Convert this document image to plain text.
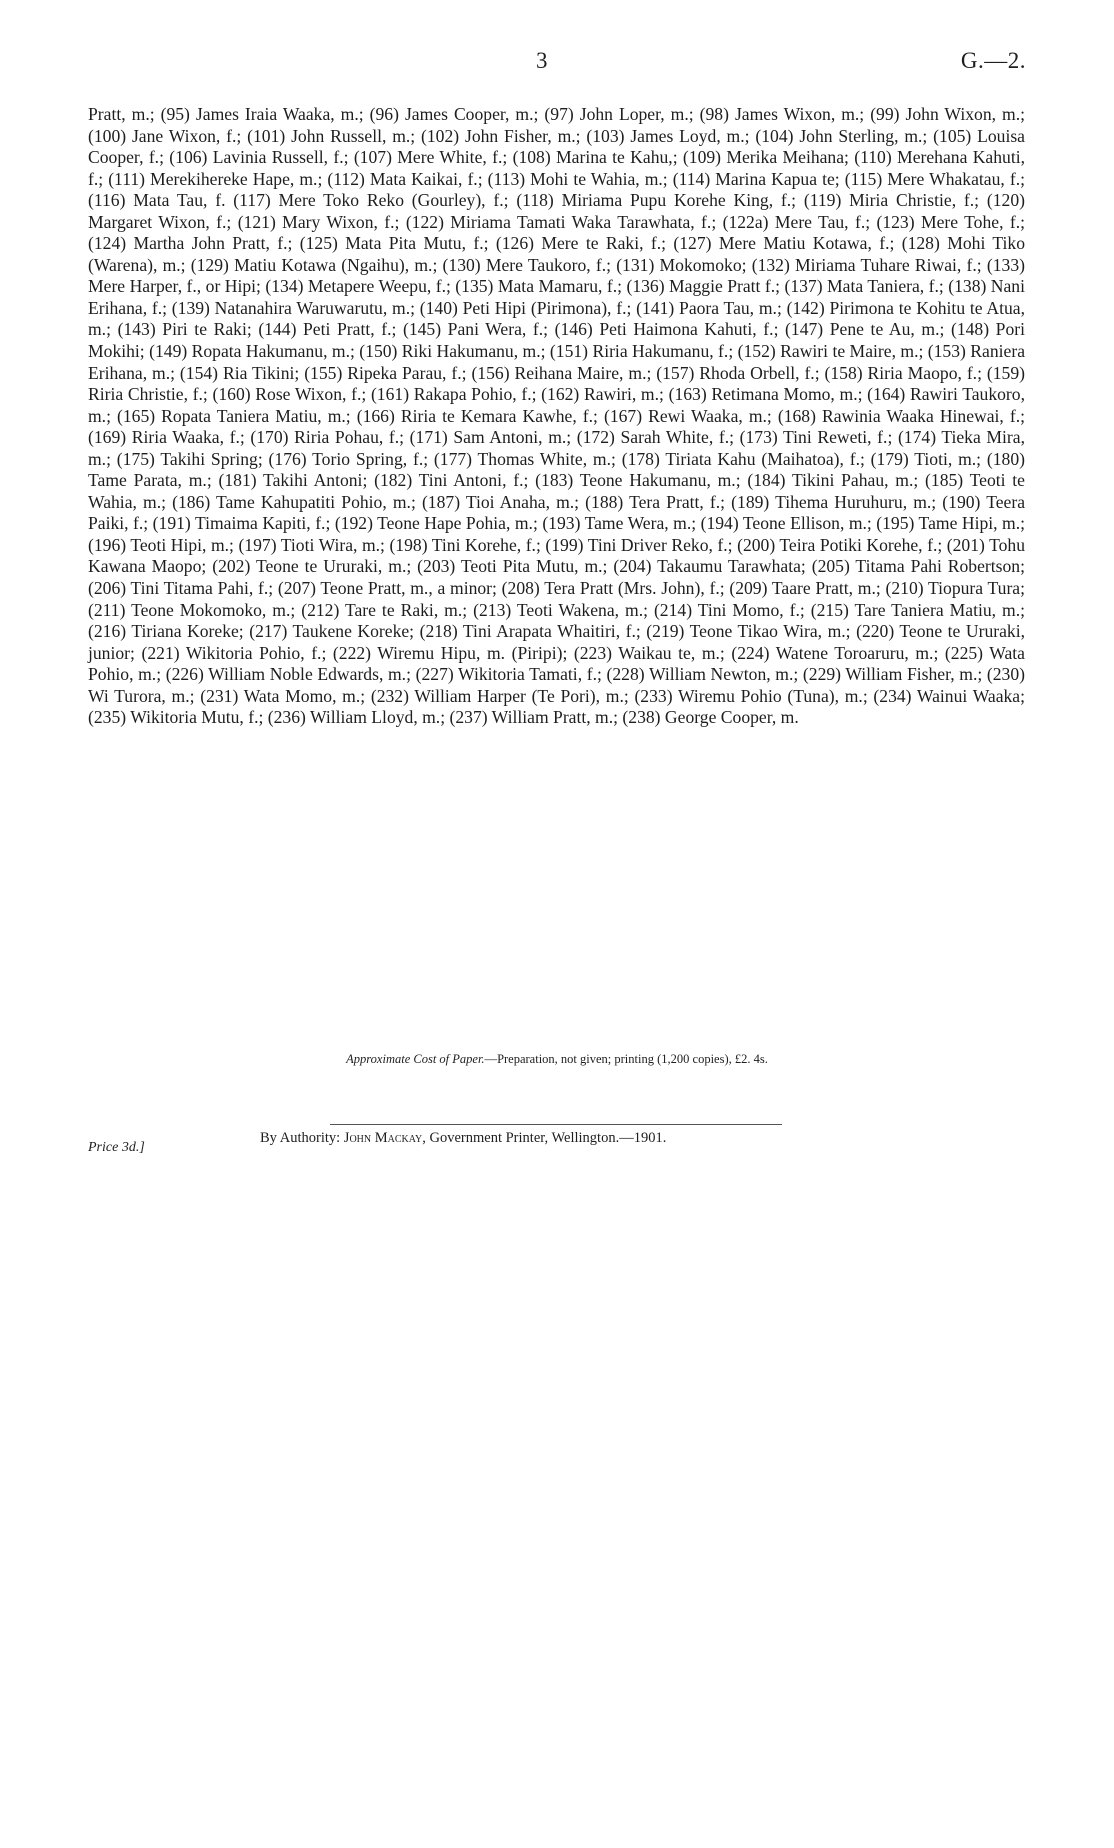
3	G.—2.

Pratt, m.; (95) James Iraia Waaka, m.; (96) James Cooper, m.; (97) John Loper, m.; (98) James Wixon, m.; (99) John Wixon, m.; (100) Jane Wixon, f.; (101) John Russell, m.; (102) John Fisher, m.; (103) James Loyd, m.; (104) John Sterling, m.; (105) Louisa Cooper, f.; (106) Lavinia Russell, f.; (107) Mere White, f.; (108) Marina te Kahu,; (109) Merika Meihana; (110) Merehana Kahuti, f.; (111) Merekihereke Hape, m.; (112) Mata Kaikai, f.; (113) Mohi te Wahia, m.; (114) Marina Kapua te; (115) Mere Whakatau, f.; (116) Mata Tau, f. (117) Mere Toko Reko (Gourley), f.; (118) Miriama Pupu Korehe King, f.; (119) Miria Christie, f.; (120) Margaret Wixon, f.; (121) Mary Wixon, f.; (122) Miriama Tamati Waka Tarawhata, f.; (122a) Mere Tau, f.; (123) Mere Tohe, f.; (124) Martha John Pratt, f.; (125) Mata Pita Mutu, f.; (126) Mere te Raki, f.; (127) Mere Matiu Kotawa, f.; (128) Mohi Tiko (Warena), m.; (129) Matiu Kotawa (Ngaihu), m.; (130) Mere Taukoro, f.; (131) Mokomoko; (132) Miriama Tuhare Riwai, f.; (133) Mere Harper, f., or Hipi; (134) Metapere Weepu, f.; (135) Mata Mamaru, f.; (136) Maggie Pratt f.; (137) Mata Taniera, f.; (138) Nani Erihana, f.; (139) Natanahira Waruwarutu, m.; (140) Peti Hipi (Pirimona), f.; (141) Paora Tau, m.; (142) Pirimona te Kohitu te Atua, m.; (143) Piri te Raki; (144) Peti Pratt, f.; (145) Pani Wera, f.; (146) Peti Haimona Kahuti, f.; (147) Pene te Au, m.; (148) Pori Mokihi; (149) Ropata Hakumanu, m.; (150) Riki Hakumanu, m.; (151) Riria Hakumanu, f.; (152) Rawiri te Maire, m.; (153) Raniera Erihana, m.; (154) Ria Tikini; (155) Ripeka Parau, f.; (156) Reihana Maire, m.; (157) Rhoda Orbell, f.; (158) Riria Maopo, f.; (159) Riria Christie, f.; (160) Rose Wixon, f.; (161) Rakapa Pohio, f.; (162) Rawiri, m.; (163) Retimana Momo, m.; (164) Rawiri Taukoro, m.; (165) Ropata Taniera Matiu, m.; (166) Riria te Kemara Kawhe, f.; (167) Rewi Waaka, m.; (168) Rawinia Waaka Hinewai, f.; (169) Riria Waaka, f.; (170) Riria Pohau, f.; (171) Sam Antoni, m.; (172) Sarah White, f.; (173) Tini Reweti, f.; (174) Tieka Mira, m.; (175) Takihi Spring; (176) Torio Spring, f.; (177) Thomas White, m.; (178) Tiriata Kahu (Maihatoa), f.; (179) Tioti, m.; (180) Tame Parata, m.; (181) Takihi Antoni; (182) Tini Antoni, f.; (183) Teone Hakumanu, m.; (184) Tikini Pahau, m.; (185) Teoti te Wahia, m.; (186) Tame Kahupatiti Pohio, m.; (187) Tioi Anaha, m.; (188) Tera Pratt, f.; (189) Tihema Huruhuru, m.; (190) Teera Paiki, f.; (191) Timaima Kapiti, f.; (192) Teone Hape Pohia, m.; (193) Tame Wera, m.; (194) Teone Ellison, m.; (195) Tame Hipi, m.; (196) Teoti Hipi, m.; (197) Tioti Wira, m.; (198) Tini Korehe, f.; (199) Tini Driver Reko, f.; (200) Teira Potiki Korehe, f.; (201) Tohu Kawana Maopo; (202) Teone te Ururaki, m.; (203) Teoti Pita Mutu, m.; (204) Takaumu Tarawhata; (205) Titama Pahi Robertson; (206) Tini Titama Pahi, f.; (207) Teone Pratt, m., a minor; (208) Tera Pratt (Mrs. John), f.; (209) Taare Pratt, m.; (210) Tiopura Tura; (211) Teone Mokomoko, m.; (212) Tare te Raki, m.; (213) Teoti Wakena, m.; (214) Tini Momo, f.; (215) Tare Taniera Matiu, m.; (216) Tiriana Koreke; (217) Taukene Koreke; (218) Tini Arapata Whaitiri, f.; (219) Teone Tikao Wira, m.; (220) Teone te Ururaki, junior; (221) Wikitoria Pohio, f.; (222) Wiremu Hipu, m. (Piripi); (223) Waikau te, m.; (224) Watene Toroaruru, m.; (225) Wata Pohio, m.; (226) William Noble Edwards, m.; (227) Wikitoria Tamati, f.; (228) William Newton, m.; (229) William Fisher, m.; (230) Wi Turora, m.; (231) Wata Momo, m.; (232) William Harper (Te Pori), m.; (233) Wiremu Pohio (Tuna), m.; (234) Wainui Waaka; (235) Wikitoria Mutu, f.; (236) William Lloyd, m.; (237) William Pratt, m.; (238) George Cooper, m.

Approximate Cost of Paper.—Preparation, not given; printing (1,200 copies), £2. 4s.

Price 3d.]
By Authority: John Mackay, Government Printer, Wellington.—1901.
